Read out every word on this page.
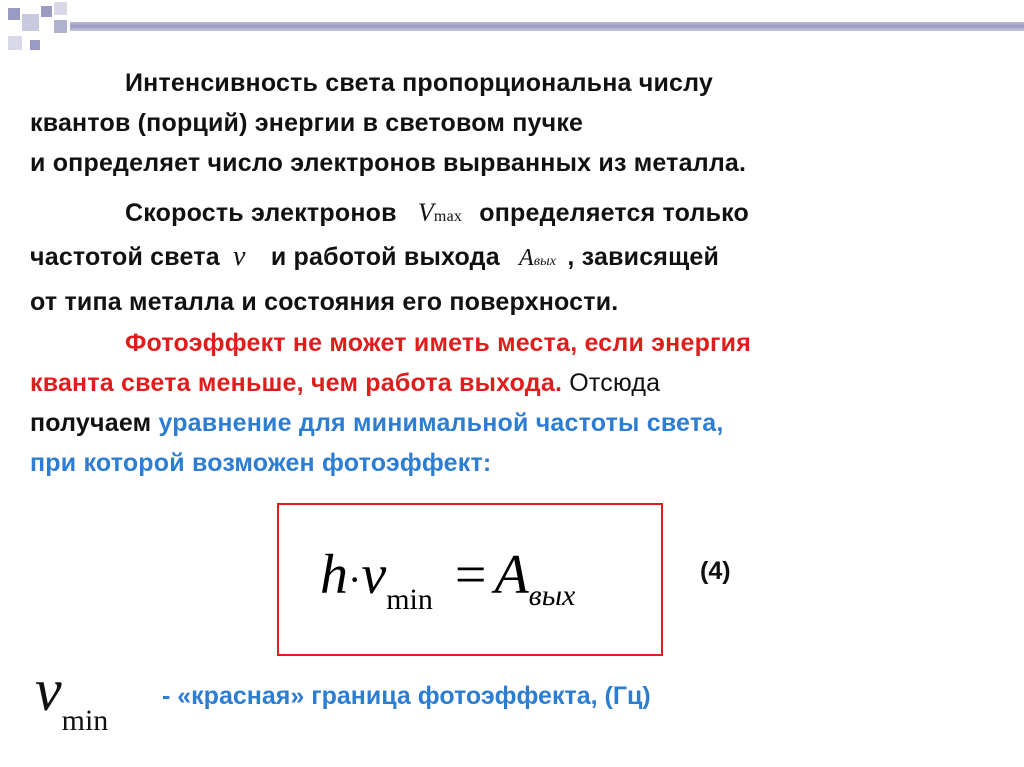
Интенсивность света пропорциональна числу
квантов (порций) энергии в световом пучке
и определяет число электронов вырванных из металла.
Скорость электронов Vmax определяется только
частотой света ν и работой выхода Aвых , зависящей
от типа металла и состояния его поверхности.
Фотоэффект не может иметь места, если энергия
кванта света меньше, чем работа выхода. Отсюда
получаем уравнение для минимальной частоты света,
при которой возможен фотоэффект:
$h\cdot\nu_{min} = A_{вых}$
(4)
$\nu_{min}$
- «красная» граница фотоэффекта, (Гц)
